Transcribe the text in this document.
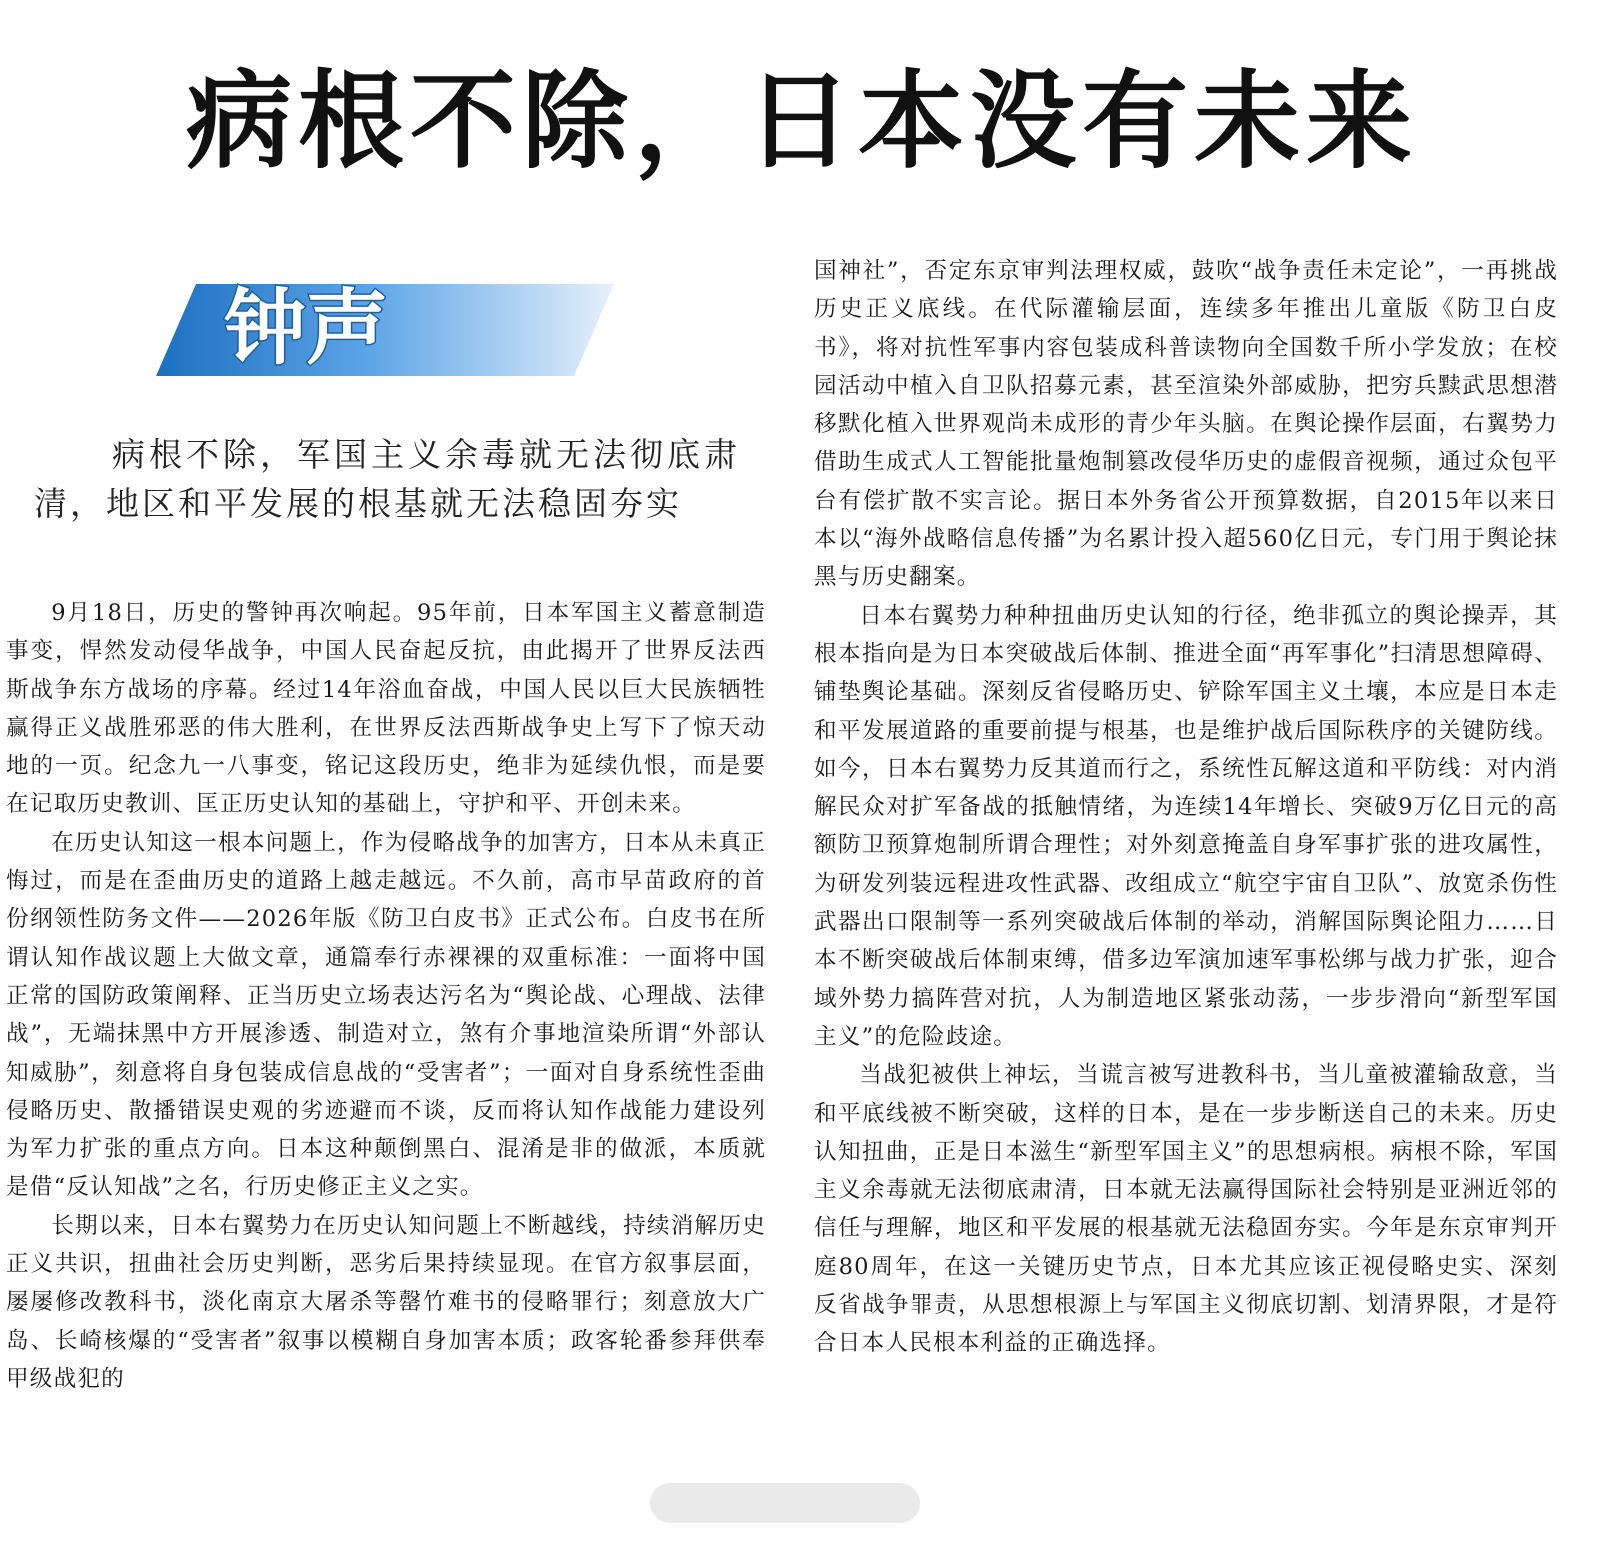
病根不除，日本没有未来
钟声
病根不除，军国主义余毒就无法彻底肃清，地区和平发展的根基就无法稳固夯实

9月18日，历史的警钟再次响起。95年前，日本军国主义蓄意制造事变，悍然发动侵华战争，中国人民奋起反抗，由此揭开了世界反法西斯战争东方战场的序幕。经过14年浴血奋战，中国人民以巨大民族牺牲赢得正义战胜邪恶的伟大胜利，在世界反法西斯战争史上写下了惊天动地的一页。纪念九一八事变，铭记这段历史，绝非为延续仇恨，而是要在记取历史教训、匡正历史认知的基础上，守护和平、开创未来。

在历史认知这一根本问题上，作为侵略战争的加害方，日本从未真正悔过，而是在歪曲历史的道路上越走越远。不久前，高市早苗政府的首份纲领性防务文件——2026年版《防卫白皮书》正式公布。白皮书在所谓认知作战议题上大做文章，通篇奉行赤裸裸的双重标准：一面将中国正常的国防政策阐释、正当历史立场表达污名为“舆论战、心理战、法律战”，无端抹黑中方开展渗透、制造对立，煞有介事地渲染所谓“外部认知威胁”，刻意将自身包装成信息战的“受害者”；一面对自身系统性歪曲侵略历史、散播错误史观的劣迹避而不谈，反而将认知作战能力建设列为军力扩张的重点方向。日本这种颠倒黑白、混淆是非的做派，本质就是借“反认知战”之名，行历史修正主义之实。

长期以来，日本右翼势力在历史认知问题上不断越线，持续消解历史正义共识，扭曲社会历史判断，恶劣后果持续显现。在官方叙事层面，屡屡修改教科书，淡化南京大屠杀等罄竹难书的侵略罪行；刻意放大广岛、长崎核爆的“受害者”叙事以模糊自身加害本质；政客轮番参拜供奉甲级战犯的

国神社”，否定东京审判法理权威，鼓吹“战争责任未定论”，一再挑战历史正义底线。在代际灌输层面，连续多年推出儿童版《防卫白皮书》，将对抗性军事内容包装成科普读物向全国数千所小学发放；在校园活动中植入自卫队招募元素，甚至渲染外部威胁，把穷兵黩武思想潜移默化植入世界观尚未成形的青少年头脑。在舆论操作层面，右翼势力借助生成式人工智能批量炮制篡改侵华历史的虚假音视频，通过众包平台有偿扩散不实言论。据日本外务省公开预算数据，自2015年以来日本以“海外战略信息传播”为名累计投入超560亿日元，专门用于舆论抹黑与历史翻案。

日本右翼势力种种扭曲历史认知的行径，绝非孤立的舆论操弄，其根本指向是为日本突破战后体制、推进全面“再军事化”扫清思想障碍、铺垫舆论基础。深刻反省侵略历史、铲除军国主义土壤，本应是日本走和平发展道路的重要前提与根基，也是维护战后国际秩序的关键防线。如今，日本右翼势力反其道而行之，系统性瓦解这道和平防线：对内消解民众对扩军备战的抵触情绪，为连续14年增长、突破9万亿日元的高额防卫预算炮制所谓合理性；对外刻意掩盖自身军事扩张的进攻属性，为研发列装远程进攻性武器、改组成立“航空宇宙自卫队”、放宽杀伤性武器出口限制等一系列突破战后体制的举动，消解国际舆论阻力……日本不断突破战后体制束缚，借多边军演加速军事松绑与战力扩张，迎合域外势力搞阵营对抗，人为制造地区紧张动荡，一步步滑向“新型军国主义”的危险歧途。

当战犯被供上神坛，当谎言被写进教科书，当儿童被灌输敌意，当和平底线被不断突破，这样的日本，是在一步步断送自己的未来。历史认知扭曲，正是日本滋生“新型军国主义”的思想病根。病根不除，军国主义余毒就无法彻底肃清，日本就无法赢得国际社会特别是亚洲近邻的信任与理解，地区和平发展的根基就无法稳固夯实。今年是东京审判开庭80周年，在这一关键历史节点，日本尤其应该正视侵略史实、深刻反省战争罪责，从思想根源上与军国主义彻底切割、划清界限，才是符合日本人民根本利益的正确选择。
